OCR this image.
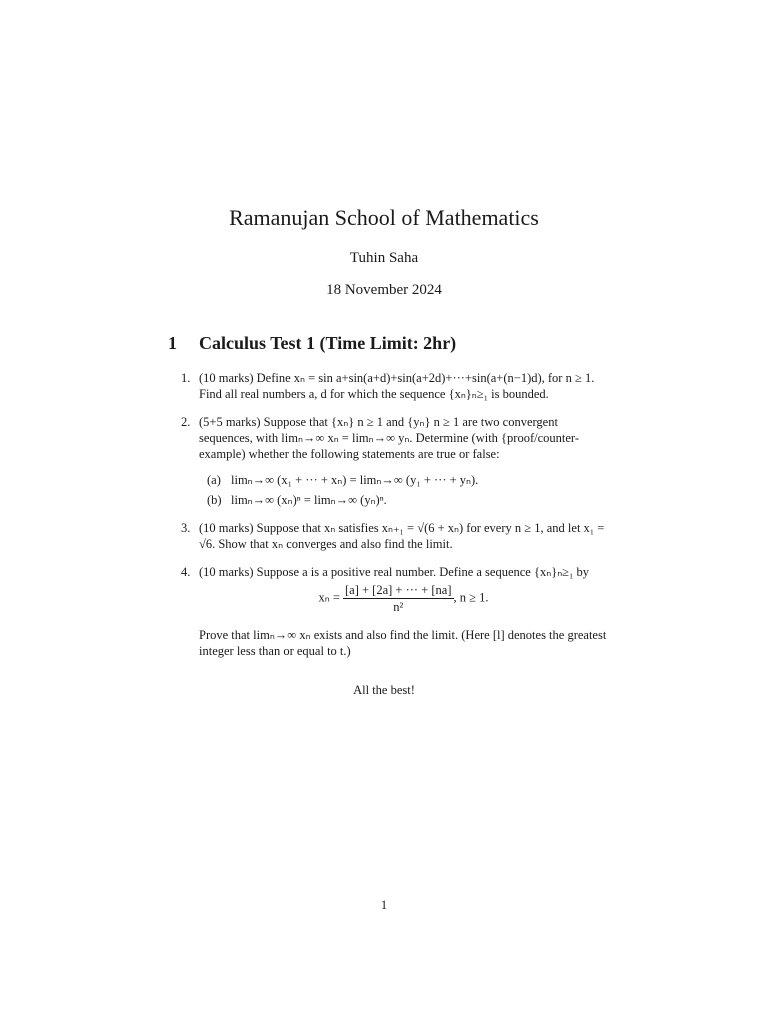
Ramanujan School of Mathematics
Tuhin Saha
18 November 2024
1 Calculus Test 1 (Time Limit: 2hr)
1. (10 marks) Define xₙ = sin a+sin(a+d)+sin(a+2d)+···+sin(a+(n−1)d), for n ≥ 1. Find all real numbers a, d for which the sequence {xₙ}ₙ≥₁ is bounded.
2. (5+5 marks) Suppose that {xₙ} n ≥ 1 and {yₙ} n ≥ 1 are two convergent sequences, with limₙ→∞ xₙ = limₙ→∞ yₙ. Determine (with {proof/counter-example) whether the following statements are true or false:
(a) limₙ→∞ (x₁ + ··· + xₙ) = limₙ→∞ (y₁ + ··· + yₙ).
(b) limₙ→∞ (xₙ)ⁿ = limₙ→∞ (yₙ)ⁿ.
3. (10 marks) Suppose that xₙ satisfies xₙ₊₁ = √(6 + xₙ) for every n ≥ 1, and let x₁ = √6. Show that xₙ converges and also find the limit.
4. (10 marks) Suppose a is a positive real number. Define a sequence {xₙ}ₙ≥₁ by
$x_n = \frac{[a] + [2a] + \cdot\cdot\cdot + [na]}{\text{n²}}$ , n ≥ 1.
Prove that limₙ→∞ xₙ exists and also find the limit. (Here [l] denotes the greatest integer less than or equal to t.)
All the best!
1
